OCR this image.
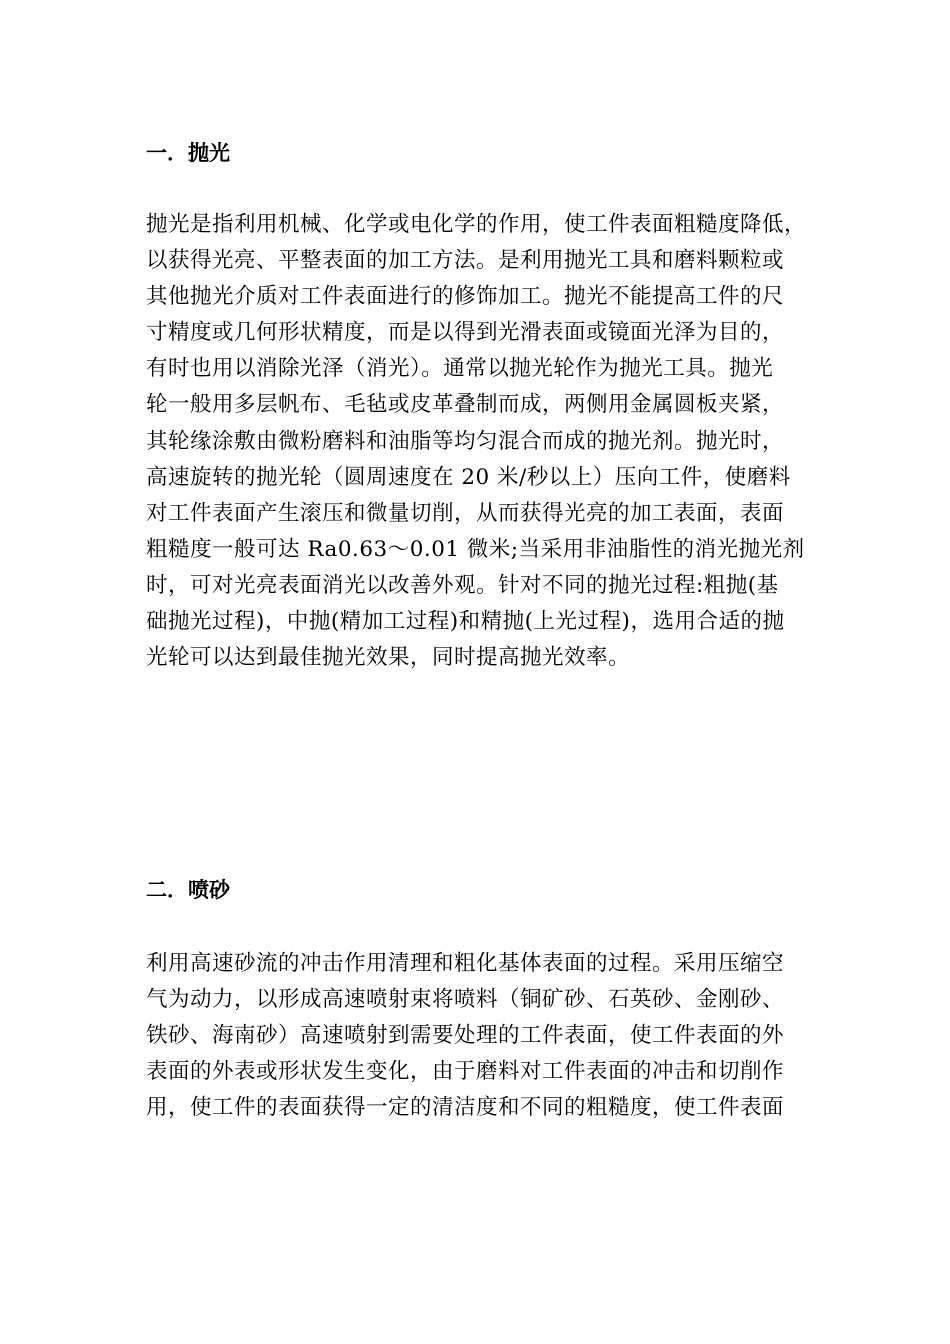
一．抛光
抛光是指利用机械、化学或电化学的作用，使工件表面粗糙度降低，
以获得光亮、平整表面的加工方法。是利用抛光工具和磨料颗粒或
其他抛光介质对工件表面进行的修饰加工。抛光不能提高工件的尺
寸精度或几何形状精度，而是以得到光滑表面或镜面光泽为目的，
有时也用以消除光泽（消光）。通常以抛光轮作为抛光工具。抛光
轮一般用多层帆布、毛毡或皮革叠制而成，两侧用金属圆板夹紧，
其轮缘涂敷由微粉磨料和油脂等均匀混合而成的抛光剂。抛光时，
高速旋转的抛光轮（圆周速度在 20 米/秒以上）压向工件，使磨料
对工件表面产生滚压和微量切削，从而获得光亮的加工表面，表面
粗糙度一般可达 Ra0.63～0.01 微米;当采用非油脂性的消光抛光剂
时，可对光亮表面消光以改善外观。针对不同的抛光过程:粗抛(基
础抛光过程)，中抛(精加工过程)和精抛(上光过程)，选用合适的抛
光轮可以达到最佳抛光效果，同时提高抛光效率。
二．喷砂
利用高速砂流的冲击作用清理和粗化基体表面的过程。采用压缩空
气为动力，以形成高速喷射束将喷料（铜矿砂、石英砂、金刚砂、
铁砂、海南砂）高速喷射到需要处理的工件表面，使工件表面的外
表面的外表或形状发生变化，由于磨料对工件表面的冲击和切削作
用，使工件的表面获得一定的清洁度和不同的粗糙度，使工件表面
